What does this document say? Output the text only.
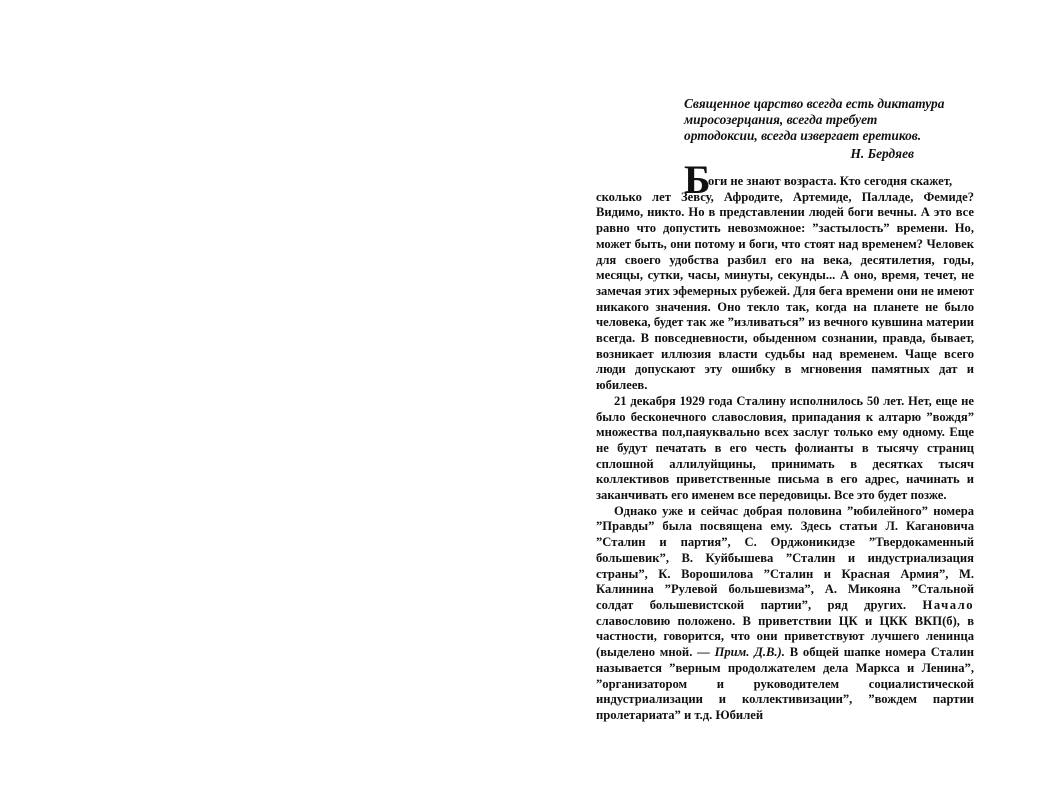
Священное царство всегда есть диктатура
миросозерцания, всегда требует
ортодоксии, всегда извергает еретиков.

Н. Бердяев

Б
оги не знают возраста. Кто сегодня скажет,
сколько лет Зевсу, Афродите, Артемиде, Палладе, Фемиде? Видимо, никто. Но в представлении людей боги вечны. А это все равно что допустить невозможное: ”застылость” времени. Но, может быть, они потому и боги, что стоят над временем? Человек для своего удобства разбил его на века, десятилетия, годы, месяцы, сутки, часы, минуты, секунды... А оно, время, течет, не замечая этих эфемерных рубежей. Для бега времени они не имеют никакого значения. Оно текло так, когда на планете не было человека, будет так же ”изливаться” из вечного кувшина материи всегда. В повседневности, обыденном сознании, правда, бывает, возникает иллюзия власти судьбы над временем. Чаще всего люди допускают эту ошибку в мгновения памятных дат и юбилеев.

21 декабря 1929 года Сталину исполнилось 50 лет. Нет, еще не было бесконечного славословия, припадания к алтарю ”вождя” множества пол,паяуквально всех заслуг только ему одному. Еще не будут печатать в его честь фолианты в тысячу страниц сплошной аллилуйщины, принимать в десятках тысяч коллективов приветственные письма в его адрес, начинать и заканчивать его именем все передовицы. Все это будет позже.

Однако уже и сейчас добрая половина ”юбилейного” номера ”Правды” была посвящена ему. Здесь статьи Л. Кагановича ”Сталин и партия”, С. Орджоникидзе ”Твердокаменный большевик”, В. Куйбышева ”Сталин и индустриализация страны”, К. Ворошилова ”Сталин и Красная Армия”, М. Калинина ”Рулевой большевизма”, А. Микояна ”Стальной солдат большевистской партии”, ряд других. Начало славословию положено. В приветствии ЦК и ЦКК ВКП(б), в частности, говорится, что они приветствуют лучшего ленинца (выделено мной. — Прим. Д.В.). В общей шапке номера Сталин называется ”верным продолжателем дела Маркса и Ленина”, ”организатором и руководителем социалистической индустриализации и коллективизации”, ”вождем партии пролетариата” и т.д. Юбилей
